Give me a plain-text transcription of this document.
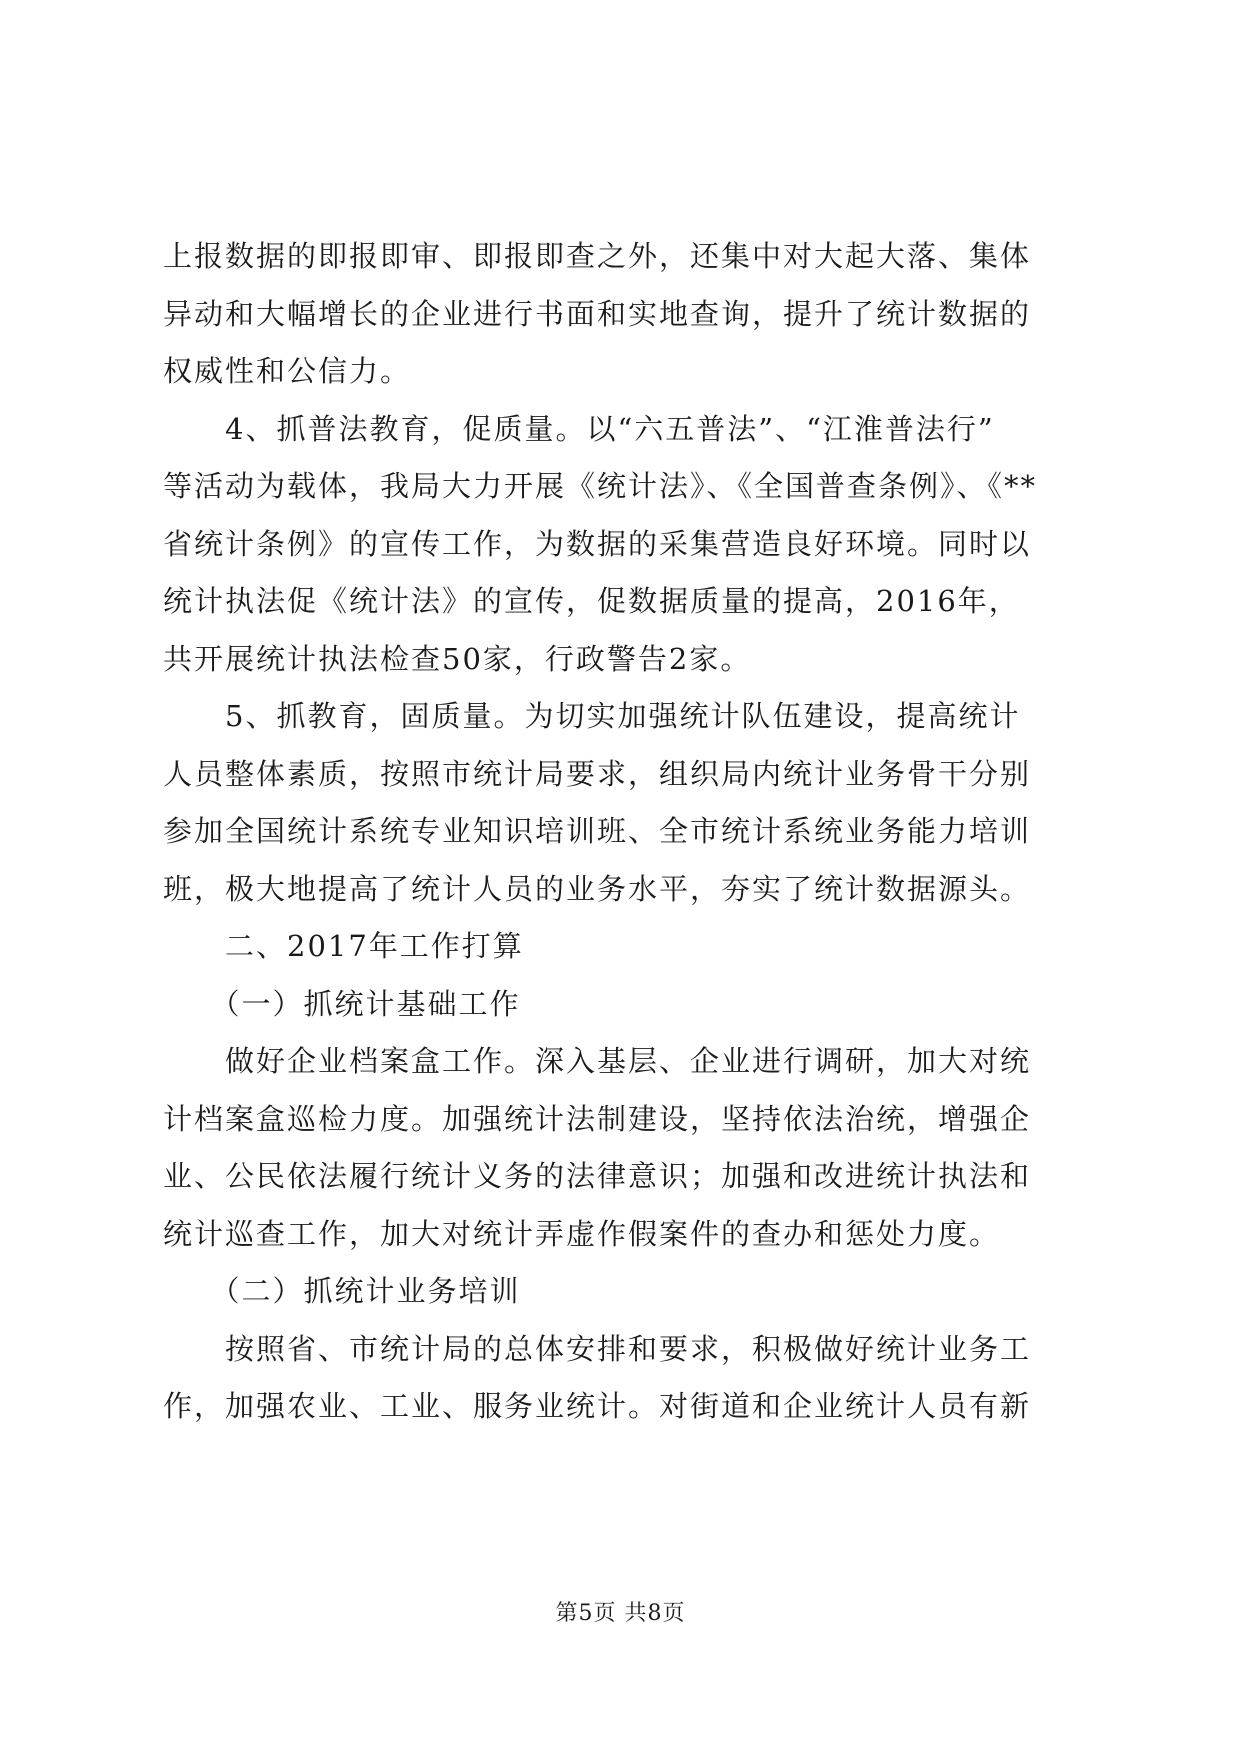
上报数据的即报即审、即报即查之外，还集中对大起大落、集体
异动和大幅增长的企业进行书面和实地查询，提升了统计数据的
权威性和公信力。
　　4、抓普法教育，促质量。以“六五普法”、“江淮普法行”
等活动为载体，我局大力开展《统计法》、《全国普查条例》、《**
省统计条例》的宣传工作，为数据的采集营造良好环境。同时以
统计执法促《统计法》的宣传，促数据质量的提高，2016年，
共开展统计执法检查50家，行政警告2家。
　　5、抓教育，固质量。为切实加强统计队伍建设，提高统计
人员整体素质，按照市统计局要求，组织局内统计业务骨干分别
参加全国统计系统专业知识培训班、全市统计系统业务能力培训
班，极大地提高了统计人员的业务水平，夯实了统计数据源头。
　　二、2017年工作打算
　　（一）抓统计基础工作
　　做好企业档案盒工作。深入基层、企业进行调研，加大对统
计档案盒巡检力度。加强统计法制建设，坚持依法治统，增强企
业、公民依法履行统计义务的法律意识；加强和改进统计执法和
统计巡查工作，加大对统计弄虚作假案件的查办和惩处力度。
　　（二）抓统计业务培训
　　按照省、市统计局的总体安排和要求，积极做好统计业务工
作，加强农业、工业、服务业统计。对街道和企业统计人员有新
第5页 共8页
